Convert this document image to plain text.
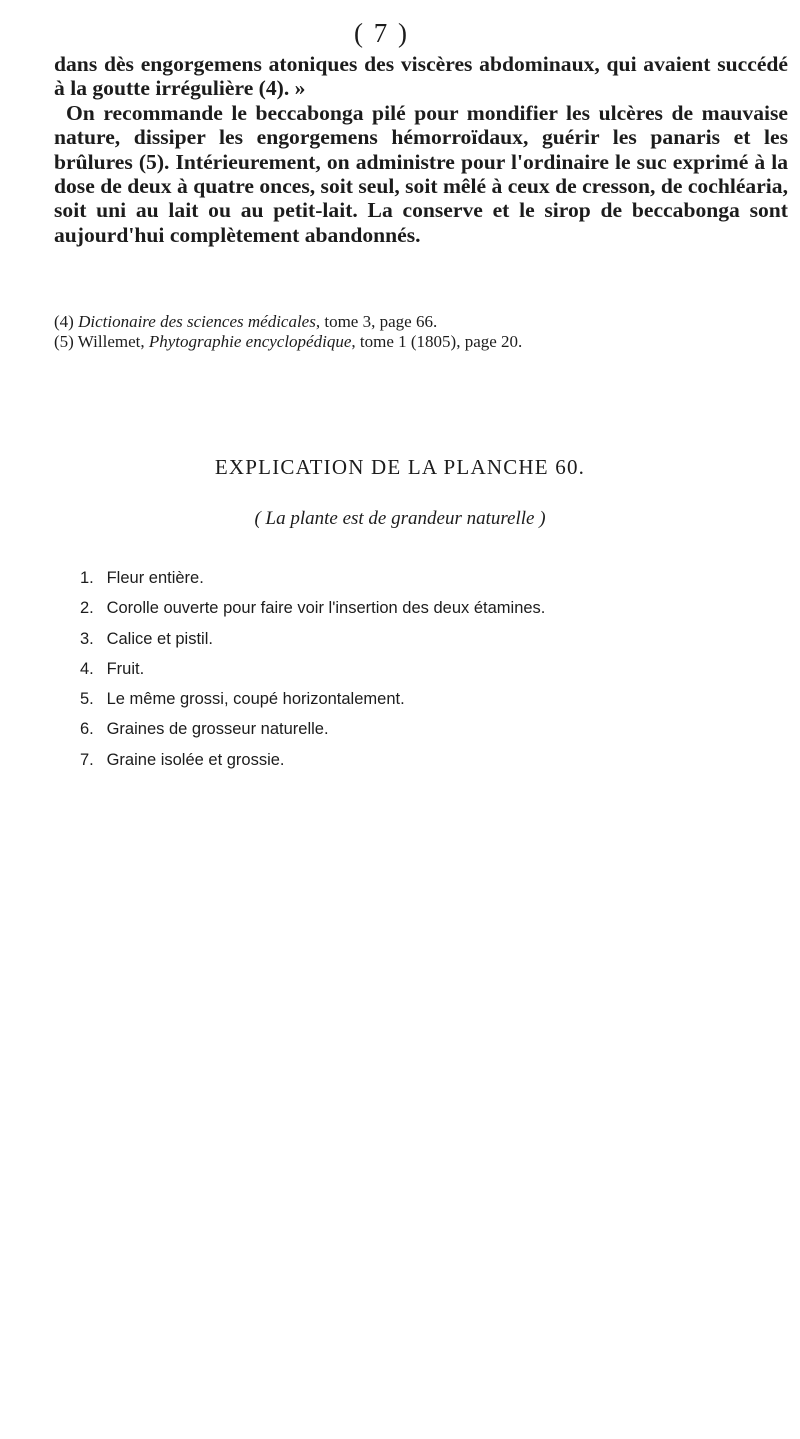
( 7 )

dans dès engorgemens atoniques des viscères abdominaux, qui avaient succédé à la goutte irrégulière (4). »

On recommande le beccabonga pilé pour mondifier les ulcères de mauvaise nature, dissiper les engorgemens hémorroïdaux, guérir les panaris et les brûlures (5). Intérieurement, on administre pour l'ordinaire le suc exprimé à la dose de deux à quatre onces, soit seul, soit mêlé à ceux de cresson, de cochléaria, soit uni au lait ou au petit-lait. La conserve et le sirop de beccabonga sont aujourd'hui complètement abandonnés.

(4) Dictionaire des sciences médicales, tome 3, page 66.

(5) Willemet, Phytographie encyclopédique, tome 1 (1805), page 20.

EXPLICATION DE LA PLANCHE 60.
( La plante est de grandeur naturelle )
1. Fleur entière.
2. Corolle ouverte pour faire voir l'insertion des deux étamines.
3. Calice et pistil.
4. Fruit.
5. Le même grossi, coupé horizontalement.
6. Graines de grosseur naturelle.
7. Graine isolée et grossie.
